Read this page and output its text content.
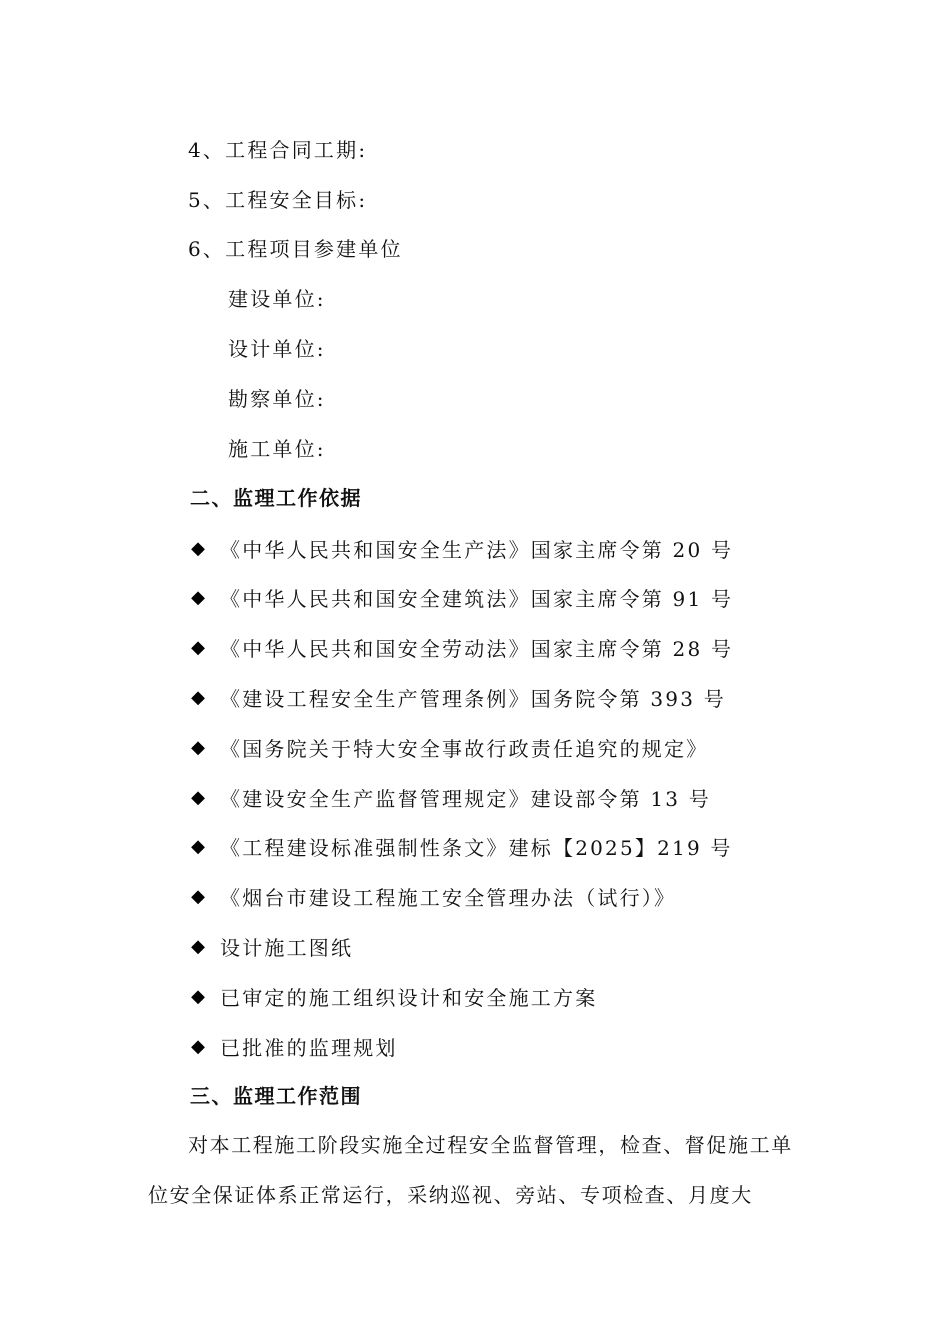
4、工程合同工期:
5、工程安全目标:
6、工程项目参建单位
建设单位:
设计单位:
勘察单位:
施工单位:
二、监理工作依据
◆ 《中华人民共和国安全生产法》国家主席令第 20 号
◆ 《中华人民共和国安全建筑法》国家主席令第 91 号
◆ 《中华人民共和国安全劳动法》国家主席令第 28 号
◆ 《建设工程安全生产管理条例》国务院令第 393 号
◆ 《国务院关于特大安全事故行政责任追究的规定》
◆ 《建设安全生产监督管理规定》建设部令第 13 号
◆ 《工程建设标准强制性条文》建标【2025】219 号
◆ 《烟台市建设工程施工安全管理办法（试行）》
◆ 设计施工图纸
◆ 已审定的施工组织设计和安全施工方案
◆ 已批准的监理规划
三、监理工作范围
对本工程施工阶段实施全过程安全监督管理，检查、督促施工单位安全保证体系正常运行，采纳巡视、旁站、专项检查、月度大
